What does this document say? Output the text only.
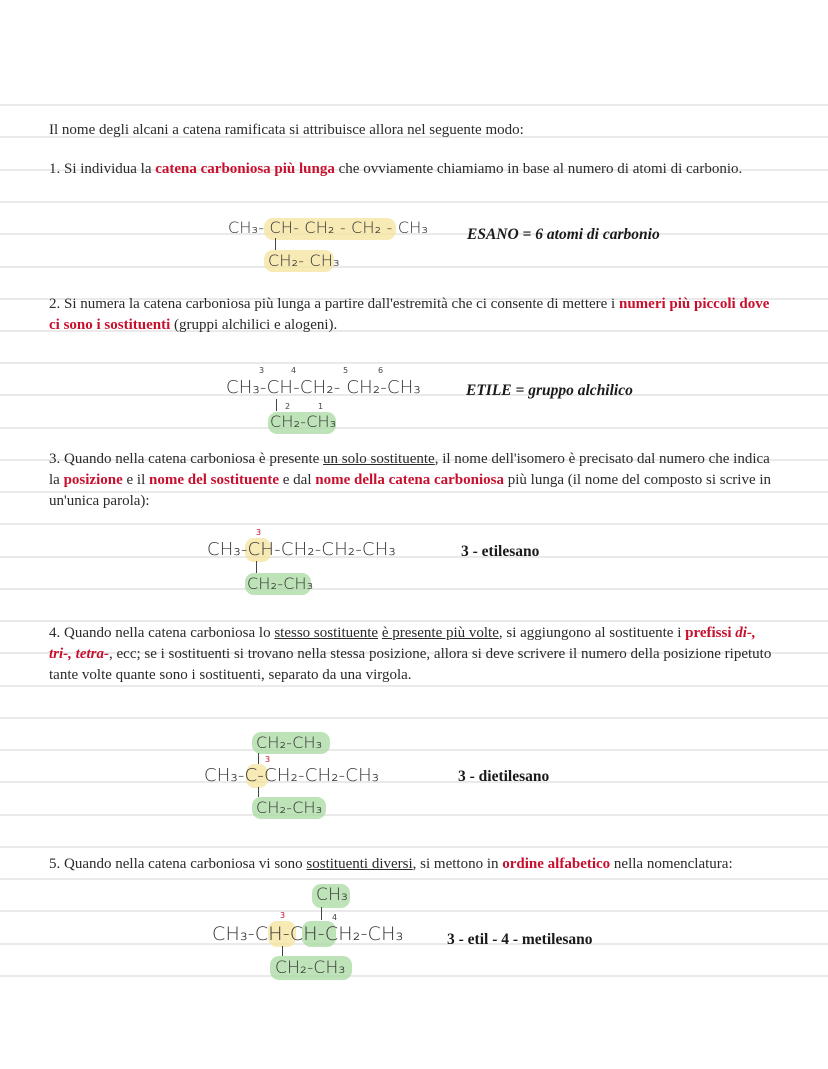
Il nome degli alcani a catena ramificata si attribuisce allora nel seguente modo:
1. Si individua la catena carboniosa più lunga che ovviamente chiamiamo in base al numero di atomi di carbonio.
CH₃- CH- CH₂ - CH₂ - CH₃
CH₂- CH₃
ESANO = 6 atomi di carbonio
2. Si numera la catena carboniosa più lunga a partire dall'estremità che ci consente di mettere i numeri più piccoli dove ci sono i sostituenti (gruppi alchilici e alogeni).
CH₃-CH-CH₂- CH₂-CH₃
3	4	5	6
2	1
CH₂-CH₃
ETILE = gruppo alchilico
3. Quando nella catena carboniosa è presente un solo sostituente, il nome dell'isomero è precisato dal numero che indica la posizione e il nome del sostituente e dal nome della catena carboniosa più lunga (il nome del composto si scrive in un'unica parola):
CH₃-CH-CH₂-CH₂-CH₃
3
CH₂-CH₃
3 - etilesano
4. Quando nella catena carboniosa lo stesso sostituente è presente più volte, si aggiungono al sostituente i prefissi di-, tri-, tetra-, ecc; se i sostituenti si trovano nella stessa posizione, allora si deve scrivere il numero della posizione ripetuto tante volte quante sono i sostituenti, separato da una virgola.
CH₂-CH₃
3
CH₃-C-CH₂-CH₂-CH₃
CH₂-CH₃
3 - dietilesano
5. Quando nella catena carboniosa vi sono sostituenti diversi, si mettono in ordine alfabetico nella nomenclatura:
CH₃
3	4
CH₃-CH-CH-CH₂-CH₃
CH₂-CH₃
3 - etil - 4 - metilesano
